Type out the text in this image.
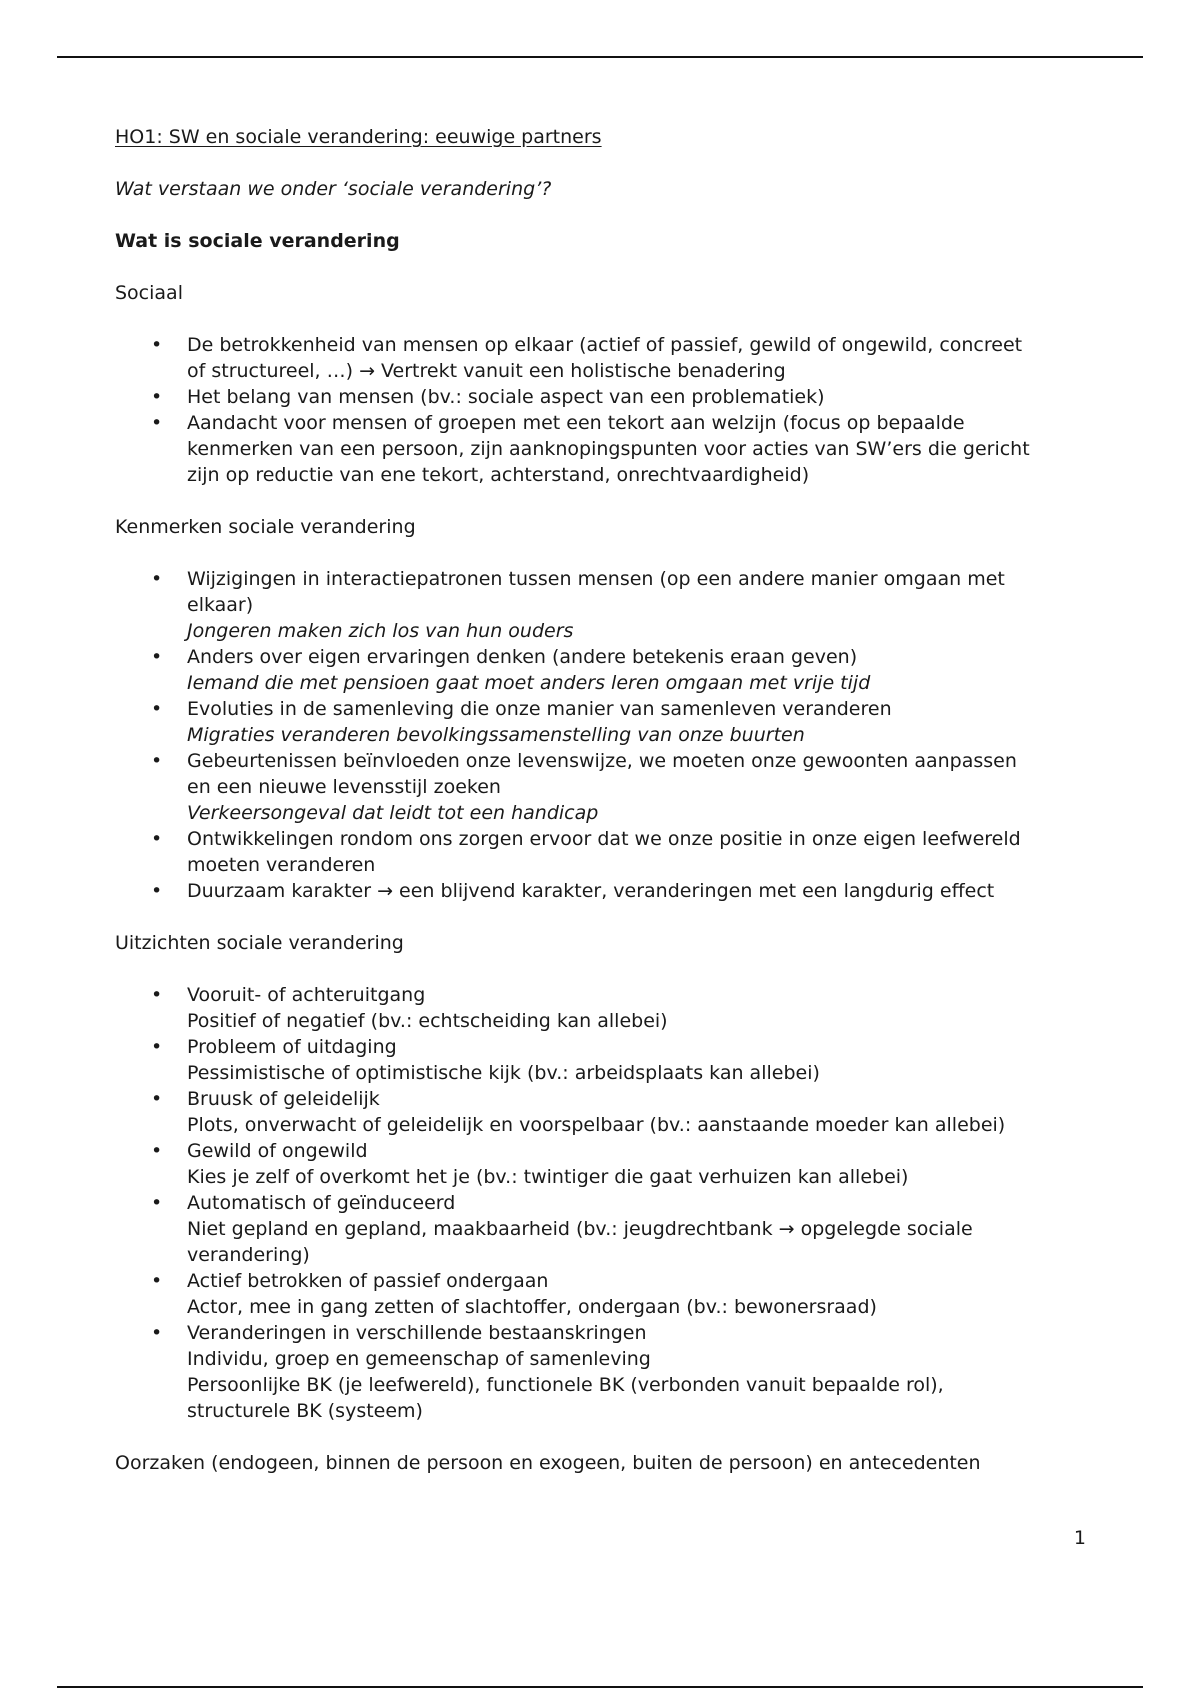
HO1: SW en sociale verandering: eeuwige partners

Wat verstaan we onder ‘sociale verandering’?

Wat is sociale verandering

Sociaal

• De betrokkenheid van mensen op elkaar (actief of passief, gewild of ongewild, concreet
of structureel, …) → Vertrekt vanuit een holistische benadering
• Het belang van mensen (bv.: sociale aspect van een problematiek)
• Aandacht voor mensen of groepen met een tekort aan welzijn (focus op bepaalde
kenmerken van een persoon, zijn aanknopingspunten voor acties van SW’ers die gericht
zijn op reductie van ene tekort, achterstand, onrechtvaardigheid)

Kenmerken sociale verandering

• Wijzigingen in interactiepatronen tussen mensen (op een andere manier omgaan met
elkaar)
Jongeren maken zich los van hun ouders
• Anders over eigen ervaringen denken (andere betekenis eraan geven)
Iemand die met pensioen gaat moet anders leren omgaan met vrije tijd
• Evoluties in de samenleving die onze manier van samenleven veranderen
Migraties veranderen bevolkingssamenstelling van onze buurten
• Gebeurtenissen beïnvloeden onze levenswijze, we moeten onze gewoonten aanpassen
en een nieuwe levensstijl zoeken
Verkeersongeval dat leidt tot een handicap
• Ontwikkelingen rondom ons zorgen ervoor dat we onze positie in onze eigen leefwereld
moeten veranderen
• Duurzaam karakter → een blijvend karakter, veranderingen met een langdurig effect

Uitzichten sociale verandering

• Vooruit- of achteruitgang
Positief of negatief (bv.: echtscheiding kan allebei)
• Probleem of uitdaging
Pessimistische of optimistische kijk (bv.: arbeidsplaats kan allebei)
• Bruusk of geleidelijk
Plots, onverwacht of geleidelijk en voorspelbaar (bv.: aanstaande moeder kan allebei)
• Gewild of ongewild
Kies je zelf of overkomt het je (bv.: twintiger die gaat verhuizen kan allebei)
• Automatisch of geïnduceerd
Niet gepland en gepland, maakbaarheid (bv.: jeugdrechtbank → opgelegde sociale
verandering)
• Actief betrokken of passief ondergaan
Actor, mee in gang zetten of slachtoffer, ondergaan (bv.: bewonersraad)
• Veranderingen in verschillende bestaanskringen
Individu, groep en gemeenschap of samenleving
Persoonlijke BK (je leefwereld), functionele BK (verbonden vanuit bepaalde rol),
structurele BK (systeem)

Oorzaken (endogeen, binnen de persoon en exogeen, buiten de persoon) en antecedenten

1
